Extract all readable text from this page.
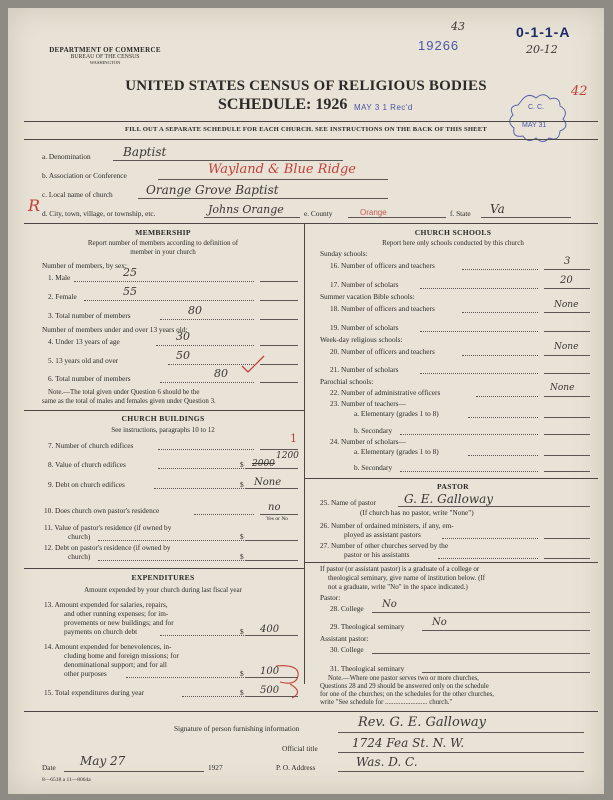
DEPARTMENT OF COMMERCE
BUREAU OF THE CENSUS
WASHINGTON
43
19266
0-1-1-A
20-12
42
C. C.
MAY 31
UNITED STATES CENSUS OF RELIGIOUS BODIES
SCHEDULE: 1926 MAY 3 1 Rec'd
FILL OUT A SEPARATE SCHEDULE FOR EACH CHURCH. SEE INSTRUCTIONS ON THE BACK OF THIS SHEET
R
a. Denomination	Baptist
b. Association or Conference	Wayland & Blue Ridge
c. Local name of church	Orange Grove Baptist
d. City, town, village, or township, etc.	Johns Orange	e. County	Orange	f. State Va
MEMBERSHIP
Report number of members according to definition of
member in your church
Number of members, by sex:
1. Male	25
2. Female	55
3. Total number of members	80
Number of members under and over 13 years old:
4. Under 13 years of age	30
5. 13 years old and over	50
6. Total number of members	80
Note.—The total given under Question 6 should be the
same as the total of males and females given under Question 3.
CHURCH BUILDINGS
See instructions, paragraphs 10 to 12
7. Number of church edifices
1
8. Value of church edifices	$ 2000
1200
9. Debt on church edifices	$ None
10. Does church own pastor's residence	no
Yes or No
11. Value of pastor's residence (if owned by
church)	$
12. Debt on pastor's residence (if owned by
church)	$
EXPENDITURES
Amount expended by your church during last fiscal year
13. Amount expended for salaries, repairs,
and other running expenses; for im-
provements or new buildings; and for
payments on church debt	$ 400
14. Amount expended for benevolences, in-
cluding home and foreign missions; for
denominational support; and for all
other purposes	$ 100
15. Total expenditures during year	$ 500
CHURCH SCHOOLS
Report here only schools conducted by this church
Sunday schools:
16. Number of officers and teachers	3
17. Number of scholars	20
Summer vacation Bible schools:
18. Number of officers and teachers	None
19. Number of scholars
Week-day religious schools:
20. Number of officers and teachers	None
21. Number of scholars
Parochial schools:
22. Number of administrative officers	None
23. Number of teachers—
a. Elementary (grades 1 to 8)
b. Secondary
24. Number of scholars—
a. Elementary (grades 1 to 8)
b. Secondary
PASTOR
25. Name of pastor G. E. Galloway
(If church has no pastor, write "None")
26. Number of ordained ministers, if any, em-
ployed as assistant pastors
27. Number of other churches served by the
pastor or his assistants
If pastor (or assistant pastor) is a graduate of a college or
theological seminary, give name of institution below. (If
not a graduate, write "No" in the space indicated.)
Pastor:
28. College No
29. Theological seminary	No
Assistant pastor:
30. College
31. Theological seminary
Note.—Where one pastor serves two or more churches,
Questions 28 and 29 should be answered only on the schedule
for one of the churches; on the schedules for the other churches,
write "See schedule for ......................... church."
Signature of person furnishing information	Rev. G. E. Galloway
Official title	1724 Fea St. N. W.
Date May 27	1927	P. O. Address	Was. D. C.
8—6518 a 11—8064a
